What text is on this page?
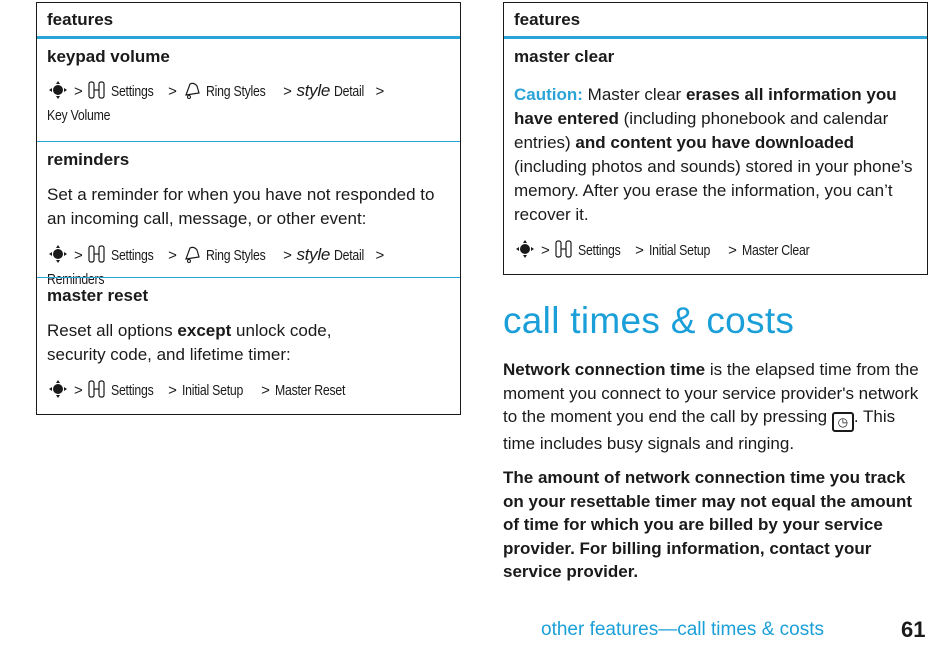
features
keypad volume
> Settings > Ring Styles > style Detail >
Key Volume
reminders
Set a reminder for when you have not responded to an incoming call, message, or other event:
> Settings > Ring Styles > style Detail >Reminders
master reset
Reset all options except unlock code, security code, and lifetime timer:
> Settings > Initial Setup > Master Reset
features
master clear
Caution: Master clear erases all information you have entered (including phonebook and calendar entries) and content you have downloaded (including photos and sounds) stored in your phone’s memory. After you erase the information, you can’t recover it.
> Settings > Initial Setup > Master Clear
call times & costs
Network connection time is the elapsed time from the moment you connect to your service provider's network to the moment you end the call by pressing ◷ . This time includes busy signals and ringing.
The amount of network connection time you track on your resettable timer may not equal the amount of time for which you are billed by your service provider. For billing information, contact your service provider.
other features—call times & costs	61
